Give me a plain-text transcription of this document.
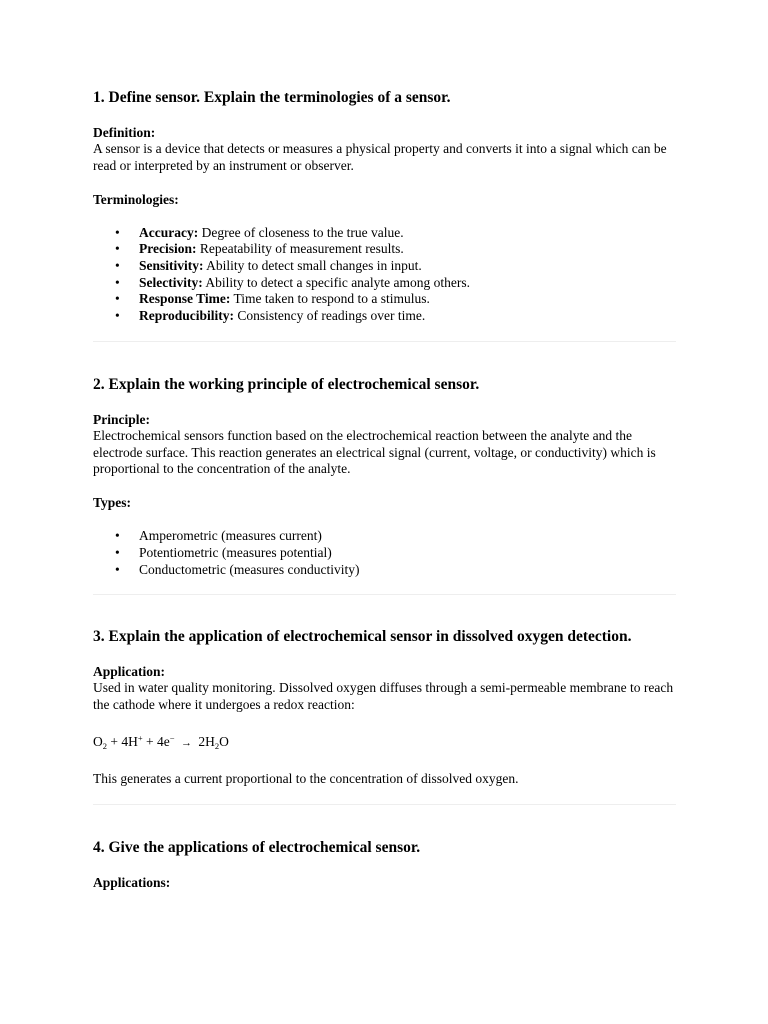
1. Define sensor. Explain the terminologies of a sensor.
Definition:

A sensor is a device that detects or measures a physical property and converts it into a signal which can be read or interpreted by an instrument or observer.

Terminologies:
• Accuracy: Degree of closeness to the true value.
• Precision: Repeatability of measurement results.
• Sensitivity: Ability to detect small changes in input.
• Selectivity: Ability to detect a specific analyte among others.
• Response Time: Time taken to respond to a stimulus.
• Reproducibility: Consistency of readings over time.
2. Explain the working principle of electrochemical sensor.
Principle:

Electrochemical sensors function based on the electrochemical reaction between the analyte and the electrode surface. This reaction generates an electrical signal (current, voltage, or conductivity) which is proportional to the concentration of the analyte.

Types:
• Amperometric (measures current)
• Potentiometric (measures potential)
• Conductometric (measures conductivity)
3. Explain the application of electrochemical sensor in dissolved oxygen detection.
Application:

Used in water quality monitoring. Dissolved oxygen diffuses through a semi-permeable membrane to reach the cathode where it undergoes a redox reaction:

$O_2 + 4H^+ + 4e^- \to 2H_2O$

This generates a current proportional to the concentration of dissolved oxygen.

4. Give the applications of electrochemical sensor.
Applications:
